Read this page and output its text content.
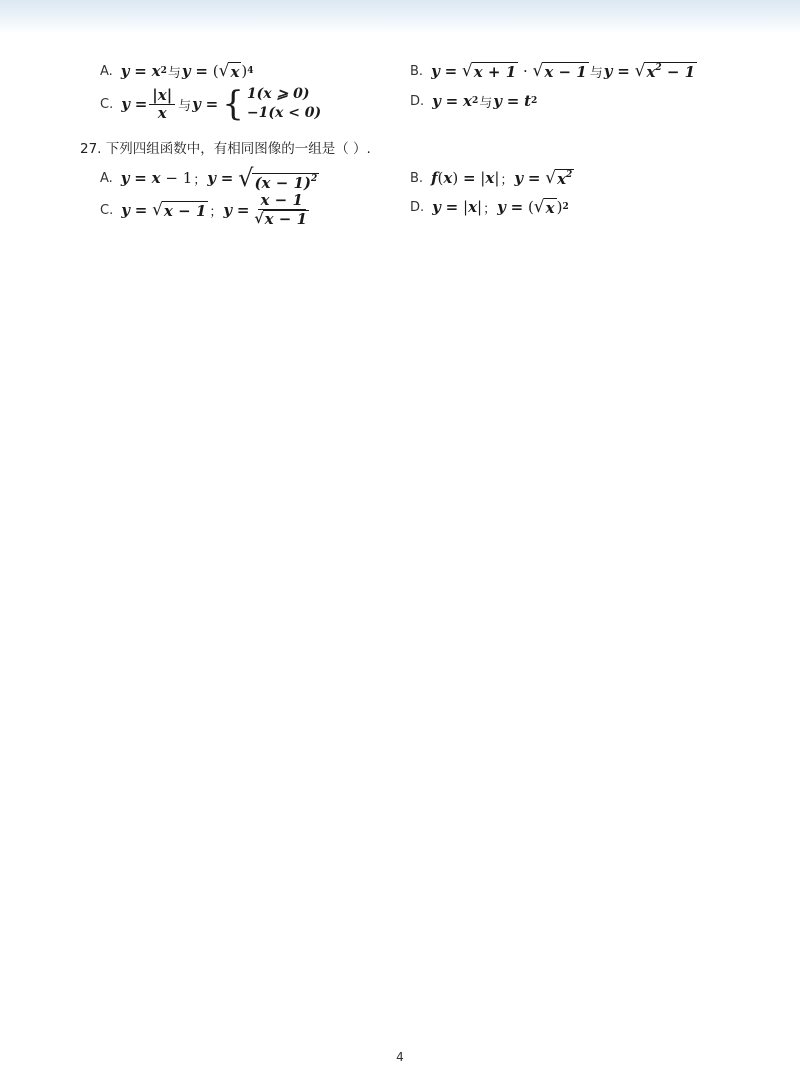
A. y
=
x 2 与 y
= ( √ x ) 4	B. y
=
√ x + 1 · √ x − 1 与 y
=
√ $x^2 - 1$
C. y
= $\frac{|x|}{x}$ 与 y
= { 1(x ⩾ 0)
−1(x < 0)
D. y
=
x 2 与 y
=
t 2
27. 下列四组函数中，有相同图像的一组是（ ）.
A. y
=
x − 1 ； y
=
√ $(x - 1)^2$	B. f ( x ) = | x | ； y
=
√ $x^2$
C. y
=
√ x − 1 ； y
= $\frac{x - 1}{√ x - 1}$	D. y
= | x | ； y
= ( √ x ) 2
4
